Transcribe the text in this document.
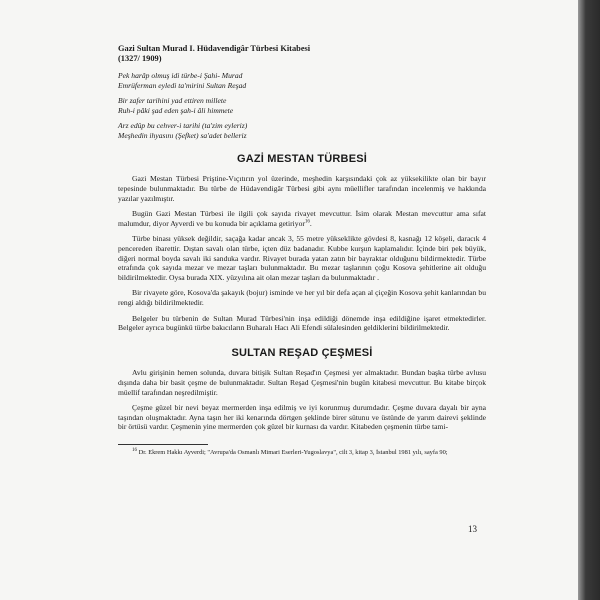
Gazi Sultan Murad I. Hüdavendigâr Türbesi Kitabesi
(1327/ 1909)
Pek harâp olmuş idi türbe-i Şahi- Murad
Emrüferman eyledi ta'mirini Sultan Reşad
Bir zafer tarihini yad ettiren millete
Ruh-i pâki şad eden şah-i âli himmete
Arz edüp bu cehver-i tarihi (ta'zim eyleriz)
Meşhedin ihyasını (Şefket) sa'adet belleriz
GAZİ MESTAN TÜRBESİ

Gazi Mestan Türbesi Priştine-Vıçıtırın yol üzerinde, meşhedin karşısındaki çok az yüksekilikte olan bir bayır tepesinde bulunmaktadır. Bu türbe de Hüdavendigâr Türbesi gibi aynı müellifler tarafından incelenmiş ve hakkında yazılar yazılmıştır.

Bugün Gazi Mestan Türbesi ile ilgili çok sayıda rivayet mevcuttur. İsim olarak Mestan mevcuttur ama sıfat malumdur, diyor Ayverdi ve bu konuda bir açıklama getiriyor$^{16}$.

Türbe binası yüksek değildir, saçağa kadar ancak 3, 55 metre yükseklikte gövdesi 8, kasnağı 12 köşeli, daracık 4 pencereden ibarettir. Dıştan savalı olan türbe, içten düz badanadır. Kubbe kurşun kaplamalıdır. İçinde biri pek büyük, diğeri normal boyda savalı iki sanduka vardır. Rivayet burada yatan zatın bir bayraktar olduğunu bildirmektedir. Türbe etrafında çok sayıda mezar ve mezar taşları bulunmaktadır. Bu mezar taşlarının çoğu Kosova şehitlerine ait olduğu bildirilmektedir. Oysa burada XIX. yüzyılına ait olan mezar taşları da bulunmaktadır .

Bir rivayete göre, Kosova'da şakayık (bojur) isminde ve her yıl bir defa açan al çiçeğin Kosova şehit kanlarından bu rengi aldığı bildirilmektedir.

Belgeler bu türbenin de Sultan Murad Türbesi'nin inşa edildiği dönemde inşa edildiğine işaret etmektedirler. Belgeler ayrıca bugünkü türbe bakıcıların Buharalı Hacı Ali Efendi sülalesinden geldiklerini bildirilmektedir.

SULTAN REŞAD ÇEŞMESİ

Avlu girişinin hemen solunda, duvara bitişik Sultan Reşad'ın Çeşmesi yer almaktadır. Bundan başka türbe avlusu dışında daha bir basit çeşme de bulunmaktadır. Sultan Reşad Çeşmesi'nin bugün kitabesi mevcuttur. Bu kitabe birçok müellif tarafından neşredilmiştir.

Çeşme güzel bir nevi beyaz mermerden inşa edilmiş ve iyi korunmuş durumdadır. Çeşme duvara dayalı bir ayna taşından oluşmaktadır. Ayna taşın her iki kenarında dörtgen şeklinde birer sütunu ve üstünde de yarım dairevi şeklinde bir örtüsü vardır. Çeşmenin yine mermerden çok güzel bir kurnası da vardır. Kitabeden çeşmenin türbe tami-

$^{16}$ Dr. Ekrem Hakkı Ayverdi; "Avrupa'da Osmanlı Mimari Eserleri-Yugoslavya", cilt 3, kitap 3, İstanbul 1981 yılı, sayfa 90;

13
